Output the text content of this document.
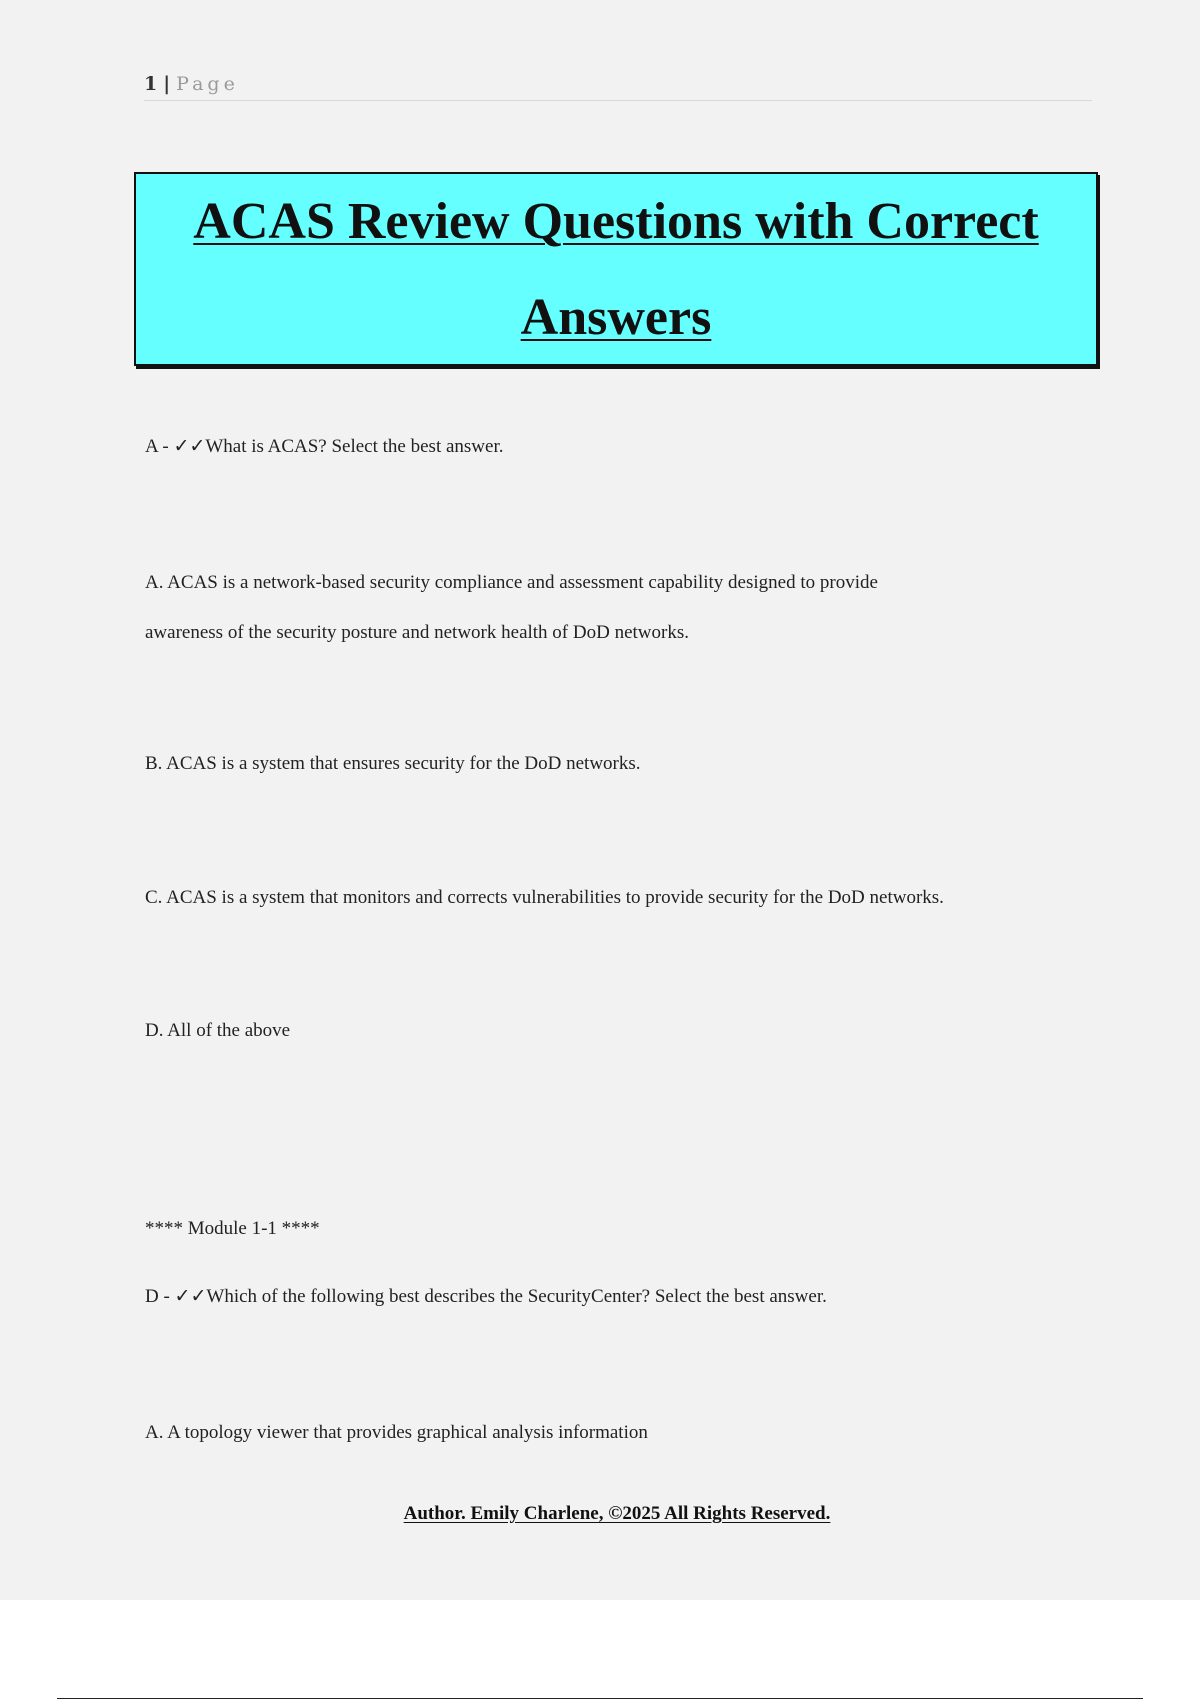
1 | Page
ACAS Review Questions with Correct
Answers
A - ✓✓What is ACAS? Select the best answer.
A. ACAS is a network-based security compliance and assessment capability designed to provide
awareness of the security posture and network health of DoD networks.
B. ACAS is a system that ensures security for the DoD networks.
C. ACAS is a system that monitors and corrects vulnerabilities to provide security for the DoD networks.
D. All of the above
**** Module 1-1 ****
D - ✓✓Which of the following best describes the SecurityCenter? Select the best answer.
A. A topology viewer that provides graphical analysis information
Author. Emily Charlene, ©2025 All Rights Reserved.
